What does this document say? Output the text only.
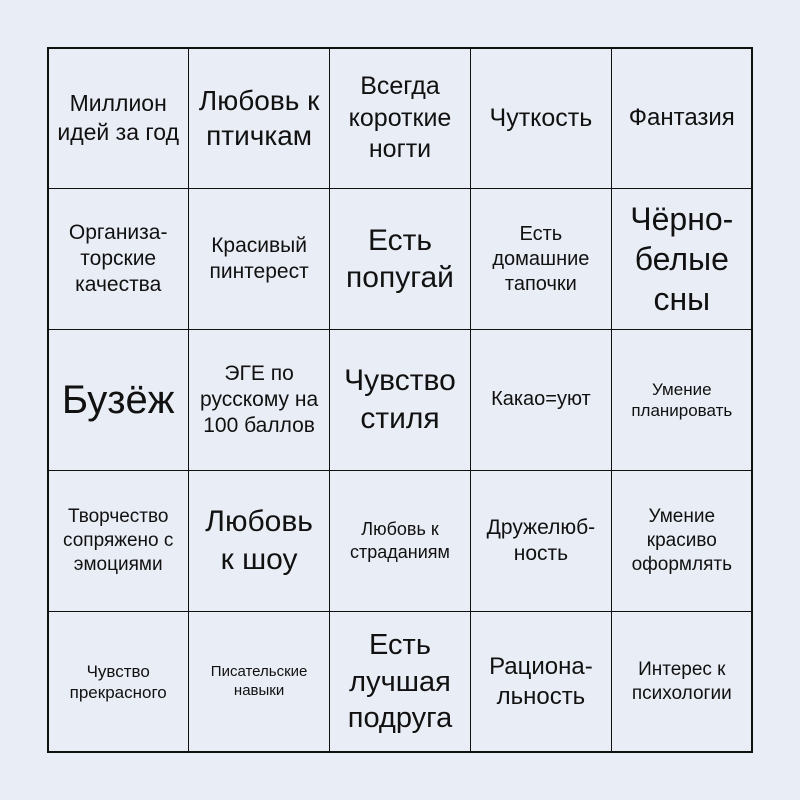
Миллион идей за год
Любовь к птичкам
Всегда короткие ногти
Чуткость Фантазия
Организа-торские качества
Красивый пинтерест
Есть попугай
Есть домашние тапочки
Чёрно-белые сны
Бузёж
ЭГЕ по русскому на 100 баллов
Чувство стиля
Какао=уют	Умение планировать
Творчество сопряжено с эмоциями
Любовь к шоу
Любовь к страданиям
Дружелюб-ность
Умение красиво оформлять
Чувство прекрасного
Писательские навыки
Есть лучшая подруга
Рациона-льность
Интерес к психологии
